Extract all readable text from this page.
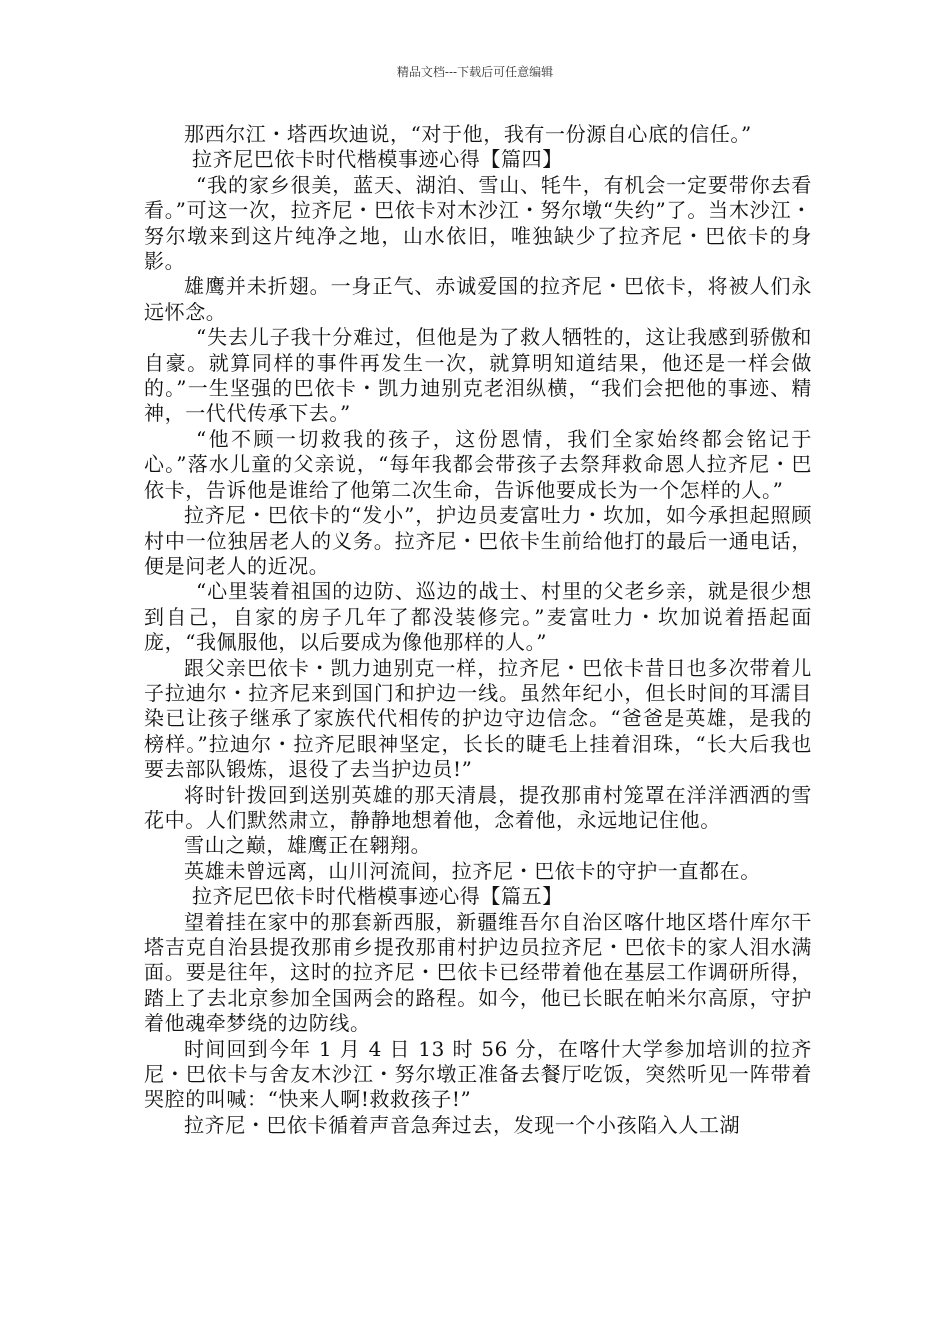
精品文档---下载后可任意编辑

那西尔江・塔西坎迪说，“对于他，我有一份源自心底的信任。”

拉齐尼巴依卡时代楷模事迹心得【篇四】

“我的家乡很美，蓝天、湖泊、雪山、牦牛，有机会一定要带你去看看。”可这一次，拉齐尼・巴依卡对木沙江・努尔墩“失约”了。当木沙江・努尔墩来到这片纯净之地，山水依旧，唯独缺少了拉齐尼・巴依卡的身影。

雄鹰并未折翅。一身正气、赤诚爱国的拉齐尼・巴依卡，将被人们永远怀念。

“失去儿子我十分难过，但他是为了救人牺牲的，这让我感到骄傲和自豪。就算同样的事件再发生一次，就算明知道结果，他还是一样会做的。”一生坚强的巴依卡・凯力迪别克老泪纵横，“我们会把他的事迹、精神，一代代传承下去。”

“他不顾一切救我的孩子，这份恩情，我们全家始终都会铭记于心。”落水儿童的父亲说，“每年我都会带孩子去祭拜救命恩人拉齐尼・巴依卡，告诉他是谁给了他第二次生命，告诉他要成长为一个怎样的人。”

拉齐尼・巴依卡的“发小”，护边员麦富吐力・坎加，如今承担起照顾村中一位独居老人的义务。拉齐尼・巴依卡生前给他打的最后一通电话，便是问老人的近况。

“心里装着祖国的边防、巡边的战士、村里的父老乡亲，就是很少想到自己，自家的房子几年了都没装修完。”麦富吐力・坎加说着捂起面庞，“我佩服他，以后要成为像他那样的人。”

跟父亲巴依卡・凯力迪别克一样，拉齐尼・巴依卡昔日也多次带着儿子拉迪尔・拉齐尼来到国门和护边一线。虽然年纪小，但长时间的耳濡目染已让孩子继承了家族代代相传的护边守边信念。“爸爸是英雄，是我的榜样。”拉迪尔・拉齐尼眼神坚定，长长的睫毛上挂着泪珠，“长大后我也要去部队锻炼，退役了去当护边员!”

将时针拨回到送别英雄的那天清晨，提孜那甫村笼罩在洋洋洒洒的雪花中。人们默然肃立，静静地想着他，念着他，永远地记住他。

雪山之巅，雄鹰正在翱翔。

英雄未曾远离，山川河流间，拉齐尼・巴依卡的守护一直都在。

拉齐尼巴依卡时代楷模事迹心得【篇五】

望着挂在家中的那套新西服，新疆维吾尔自治区喀什地区塔什库尔干塔吉克自治县提孜那甫乡提孜那甫村护边员拉齐尼・巴依卡的家人泪水满面。要是往年，这时的拉齐尼・巴依卡已经带着他在基层工作调研所得，踏上了去北京参加全国两会的路程。如今，他已长眠在帕米尔高原，守护着他魂牵梦绕的边防线。

时间回到今年 1 月 4 日 13 时 56 分，在喀什大学参加培训的拉齐尼・巴依卡与舍友木沙江・努尔墩正准备去餐厅吃饭，突然听见一阵带着哭腔的叫喊：“快来人啊!救救孩子!”

拉齐尼・巴依卡循着声音急奔过去，发现一个小孩陷入人工湖
